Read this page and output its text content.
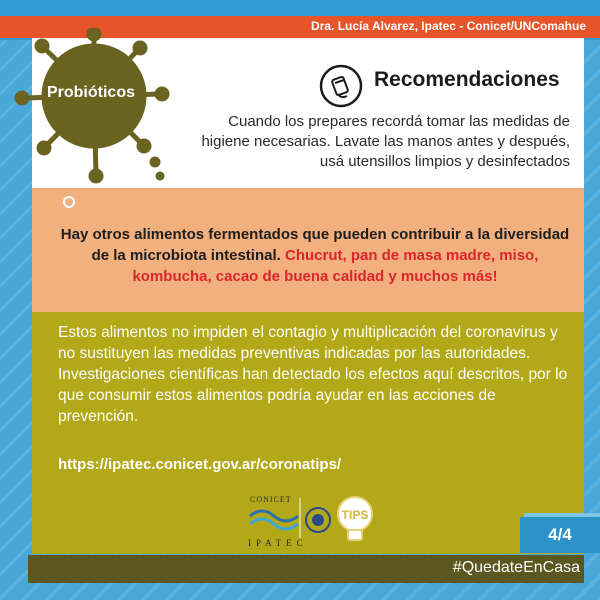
Dra. Lucía Alvarez, Ipatec - Conicet/UNComahue
Probióticos
Recomendaciones
Cuando los prepares recordá tomar las medidas de higiene necesarias. Lavate las manos antes y después, usá utensillos limpios y desinfectados
Hay otros alimentos fermentados que pueden contribuir a la diversidad de la microbiota intestinal. Chucrut, pan de masa madre, miso, kombucha, cacao de buena calidad y muchos más!
Estos alimentos no impiden el contagio y multiplicación del coronavirus y no sustituyen las medidas preventivas indicadas por las autoridades. Investigaciones científicas han detectado los efectos aquí descritos, por lo que consumir estos alimentos podría ayudar en las acciones de prevención.
https://ipatec.conicet.gov.ar/coronatips/
CONICET
IPATEC
TIPS
4/4
#QuedateEnCasa
